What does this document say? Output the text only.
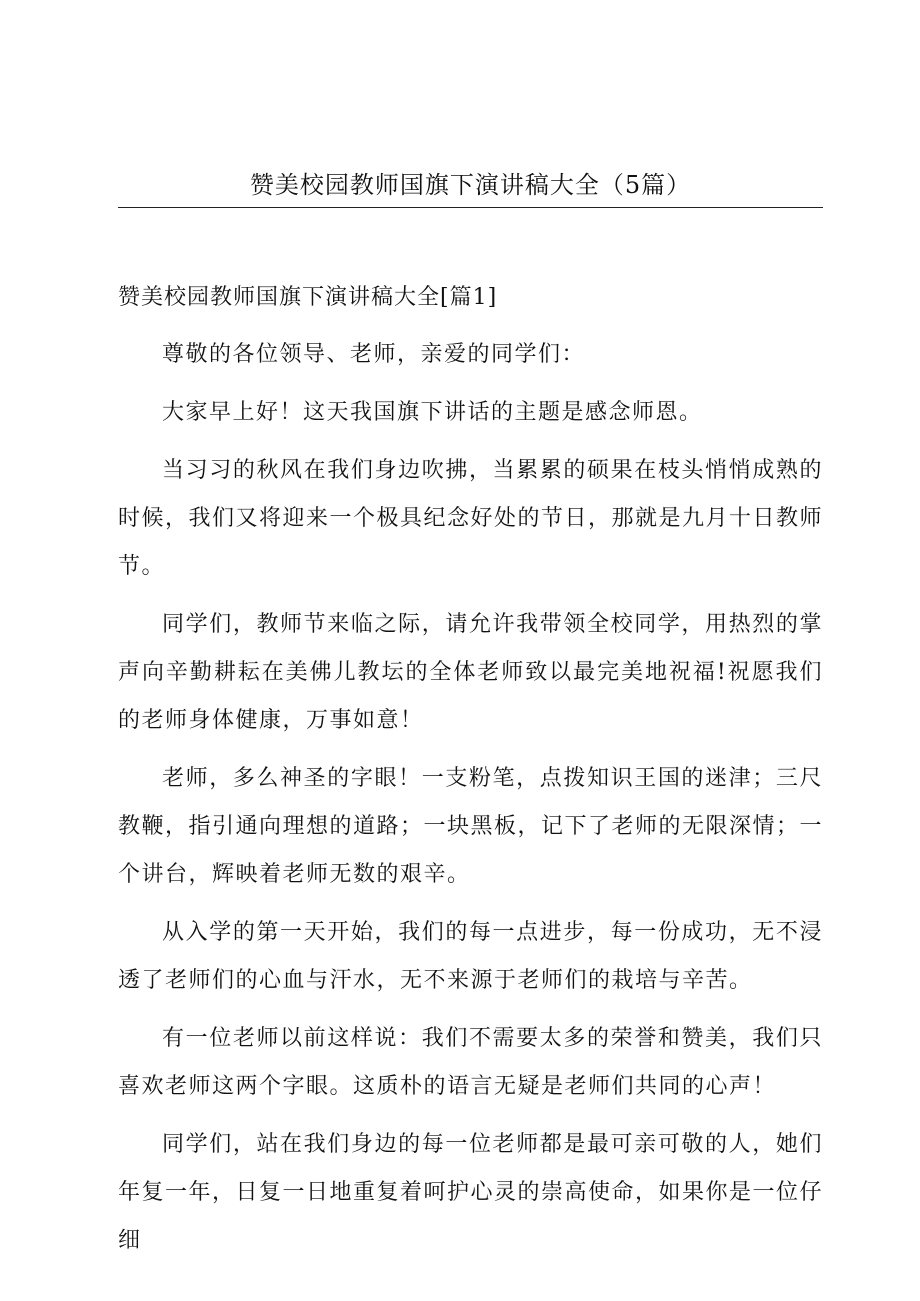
赞美校园教师国旗下演讲稿大全（5篇）
赞美校园教师国旗下演讲稿大全[篇1]

尊敬的各位领导、老师，亲爱的同学们：

大家早上好！这天我国旗下讲话的主题是感念师恩。

当习习的秋风在我们身边吹拂，当累累的硕果在枝头悄悄成熟的时候，我们又将迎来一个极具纪念好处的节日，那就是九月十日教师节。

同学们，教师节来临之际，请允许我带领全校同学，用热烈的掌声向辛勤耕耘在美佛儿教坛的全体老师致以最完美地祝福!祝愿我们的老师身体健康，万事如意！

老师，多么神圣的字眼！一支粉笔，点拨知识王国的迷津；三尺教鞭，指引通向理想的道路；一块黑板，记下了老师的无限深情；一个讲台，辉映着老师无数的艰辛。

从入学的第一天开始，我们的每一点进步，每一份成功，无不浸透了老师们的心血与汗水，无不来源于老师们的栽培与辛苦。

有一位老师以前这样说：我们不需要太多的荣誉和赞美，我们只喜欢老师这两个字眼。这质朴的语言无疑是老师们共同的心声！

同学们，站在我们身边的每一位老师都是最可亲可敬的人，她们年复一年，日复一日地重复着呵护心灵的崇高使命，如果你是一位仔细
